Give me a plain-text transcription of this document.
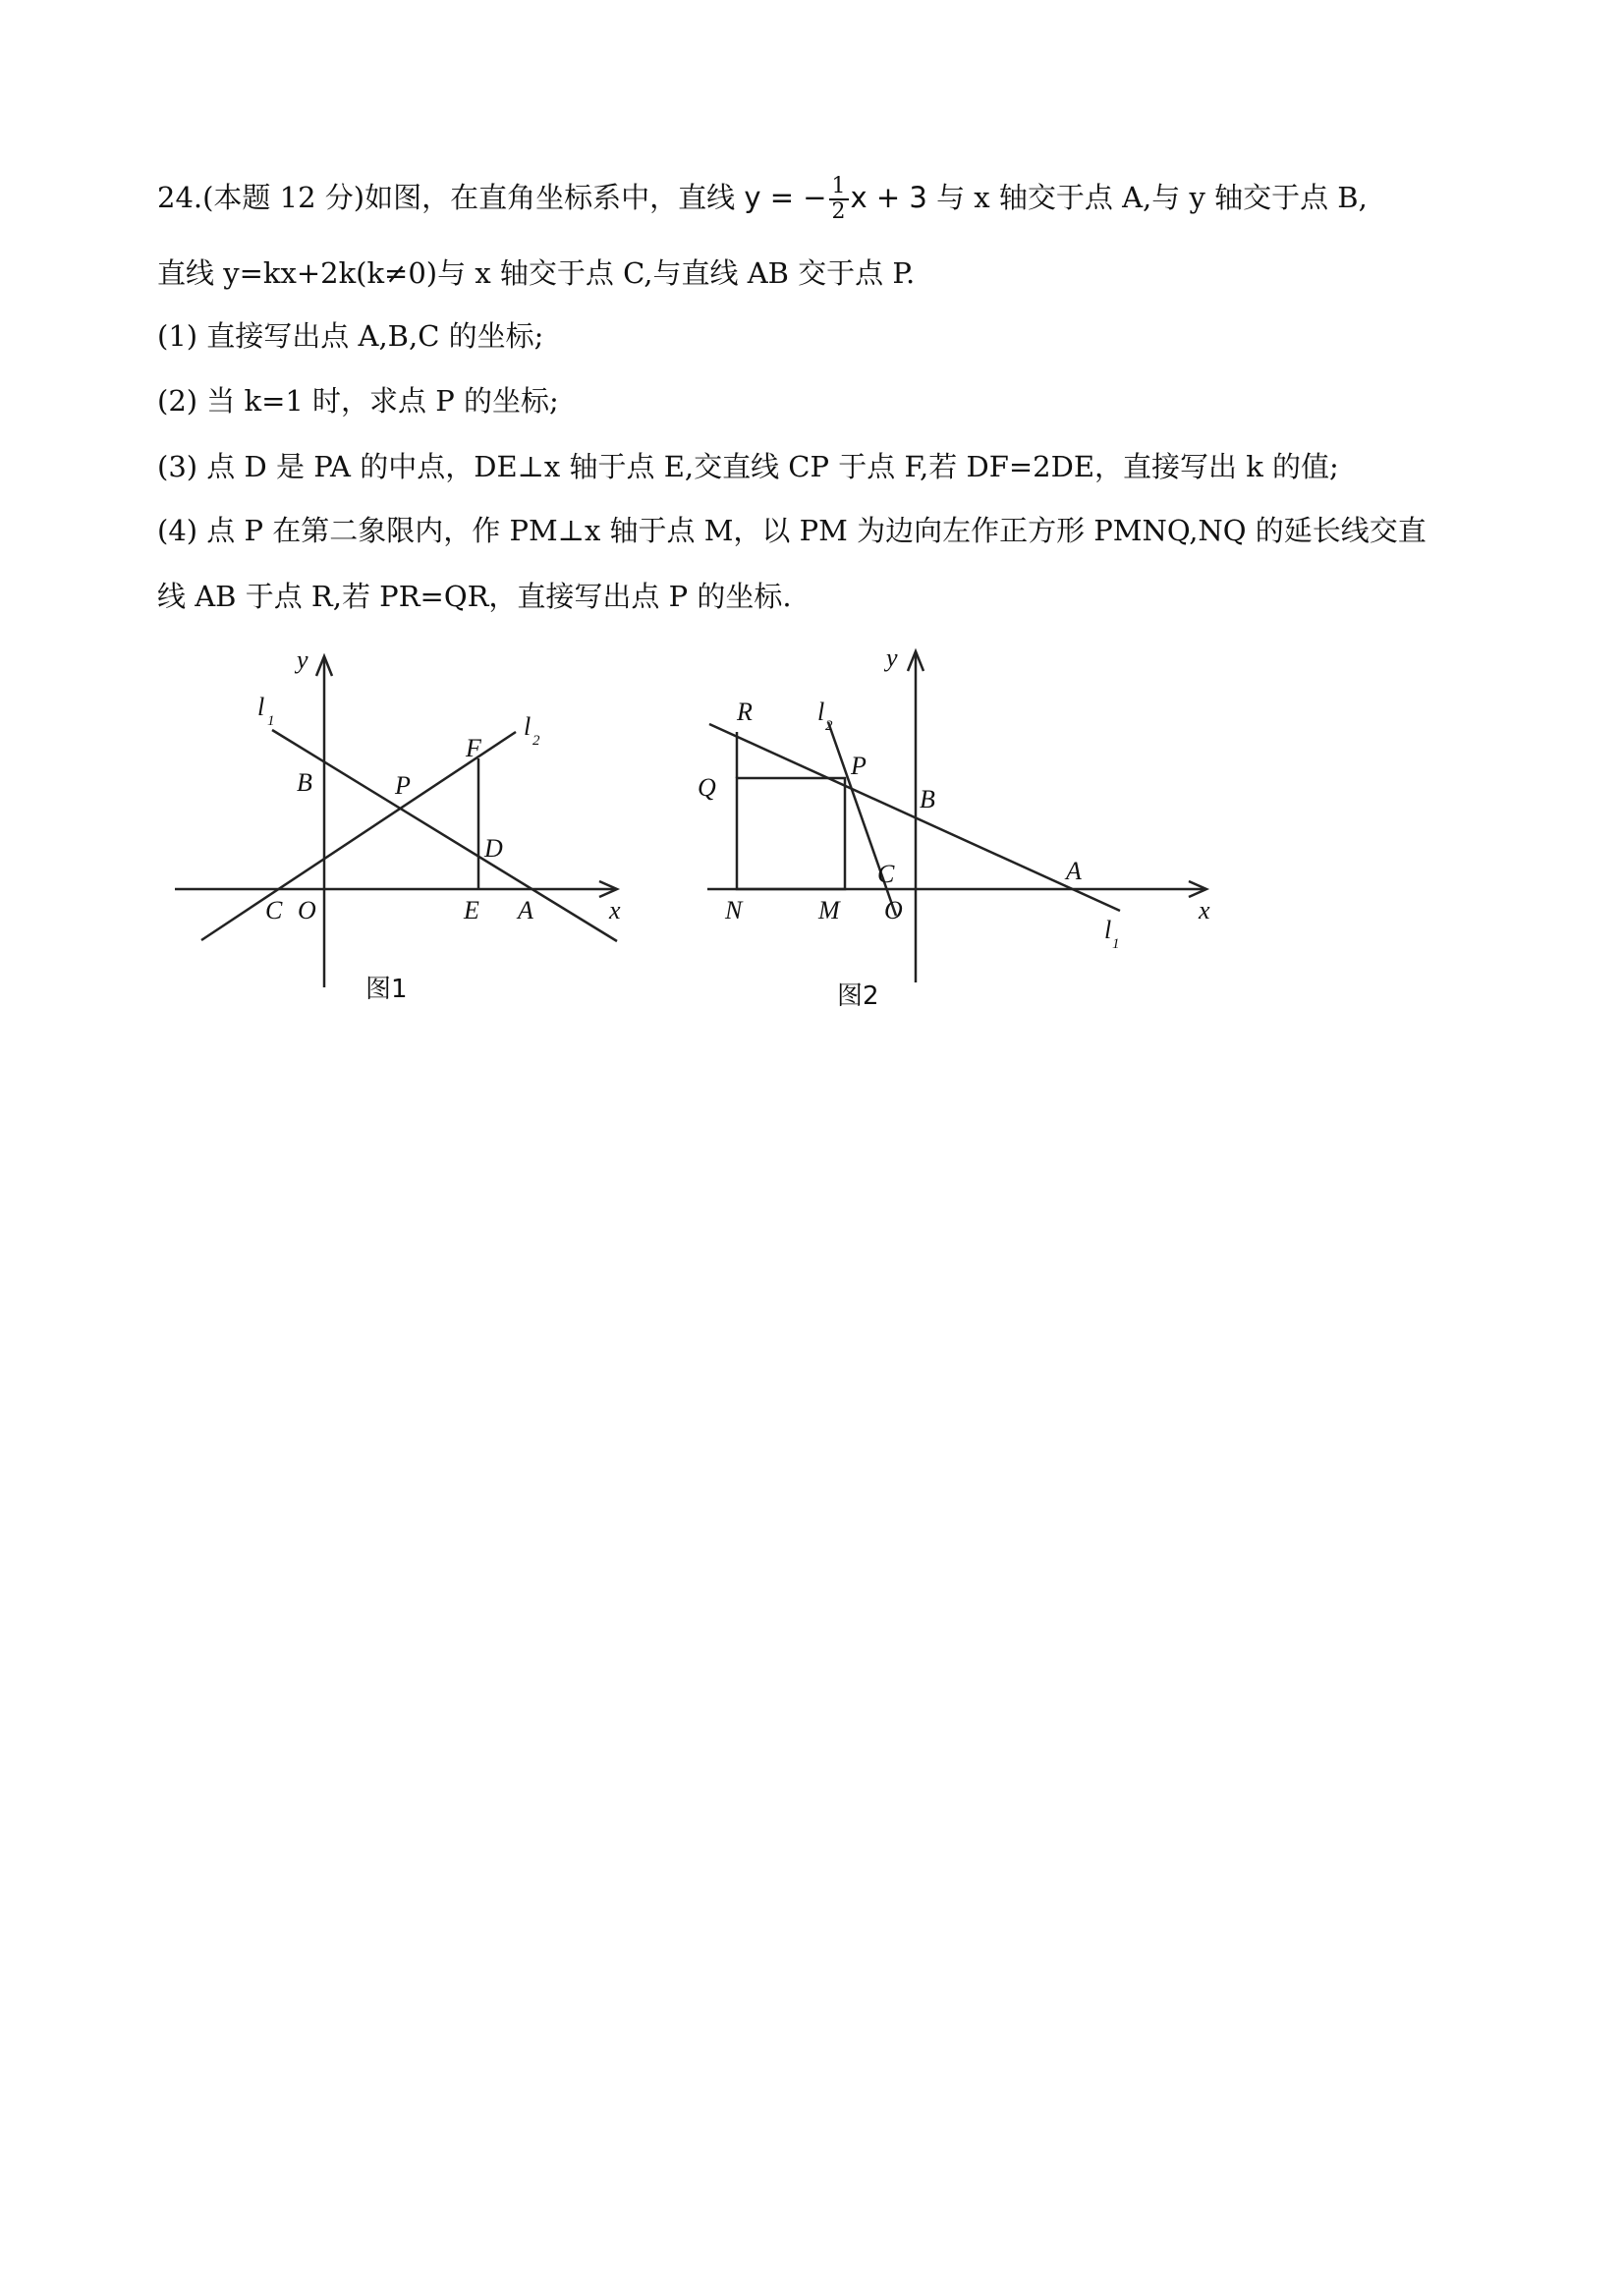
24.(本题 12 分)如图，在直角坐标系中，直线 y = − $\frac{1}{2}$ x + 3 与 x 轴交于点 A,与 y 轴交于点 B,
直线 y=kx+2k(k≠0)与 x 轴交于点 C,与直线 AB 交于点 P.
(1) 直接写出点 A,B,C 的坐标;
(2) 当 k=1 时，求点 P 的坐标;
(3) 点 D 是 PA 的中点，DE⊥x 轴于点 E,交直线 CP 于点 F,若 DF=2DE，直接写出 k 的值;
(4) 点 P 在第二象限内，作 PM⊥x 轴于点 M，以 PM 为边向左作正方形 PMNQ,NQ 的延长线交直
线 AB 于点 R,若 PR=QR，直接写出点 P 的坐标.
y
l 1	l 2
B	P
F
D
C O	E A	x
图1
y
R	l 2
P
Q	B
C
N	M O
A
l 1
x
图2
